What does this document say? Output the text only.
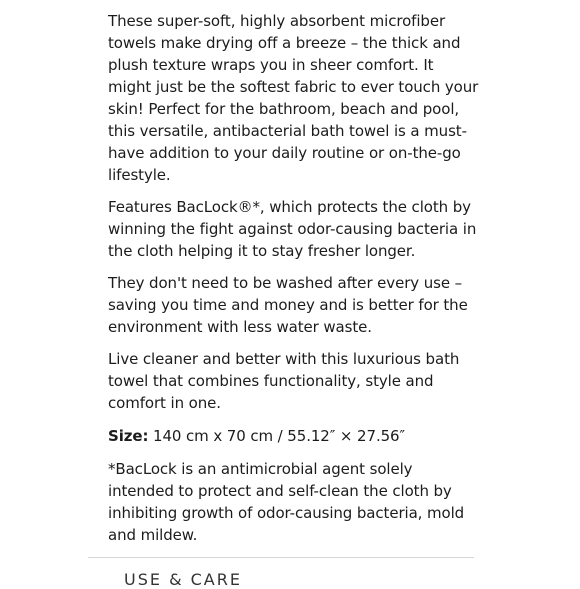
These super-soft, highly absorbent microfiber towels make drying off a breeze – the thick and plush texture wraps you in sheer comfort. It might just be the softest fabric to ever touch your skin! Perfect for the bathroom, beach and pool, this versatile, antibacterial bath towel is a must-have addition to your daily routine or on-the-go lifestyle.

Features BacLock®*, which protects the cloth by winning the fight against odor-causing bacteria in the cloth helping it to stay fresher longer.

They don't need to be washed after every use – saving you time and money and is better for the environment with less water waste.

Live cleaner and better with this luxurious bath towel that combines functionality, style and comfort in one.

Size: 140 cm x 70 cm / 55.12″ × 27.56″

*BacLock is an antimicrobial agent solely intended to protect and self-clean the cloth by inhibiting growth of odor-causing bacteria, mold and mildew.

USE & CARE
